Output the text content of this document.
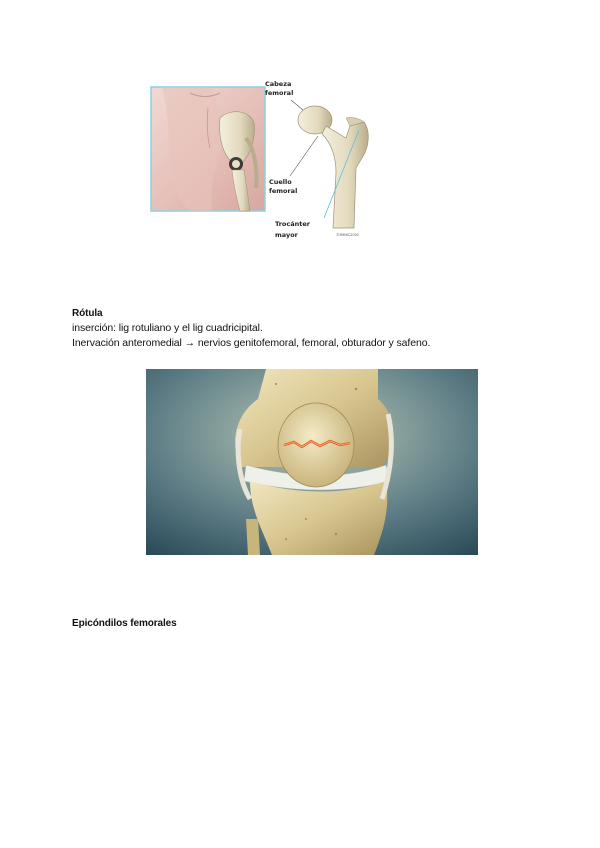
Cabeza
femoral
Cuello
femoral
Trocánter
mayor	©MMXC2002
Rótula
inserción: lig rotuliano y el lig cuadricipital.
Inervación anteromedial → nervios genitofemoral, femoral, obturador y safeno.
Epicóndilos femorales
